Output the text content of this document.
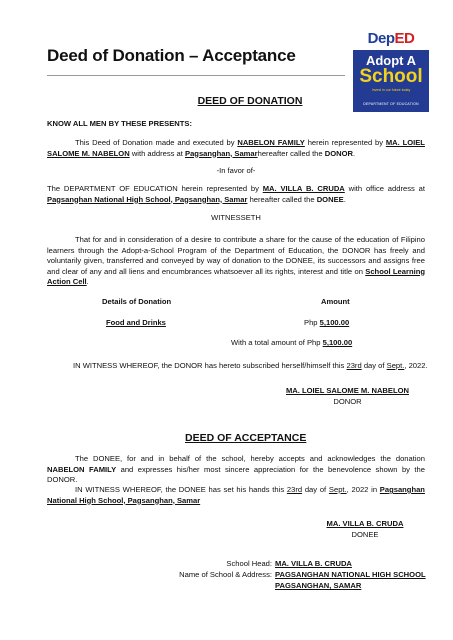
Deed of Donation – Acceptance
DepED
Adopt A
School
Invest in our future today
DEPARTMENT OF EDUCATION
DEED OF DONATION
KNOW ALL MEN BY THESE PRESENTS:
This Deed of Donation made and executed by NABELON FAMILY herein represented by MA. LOIEL SALOME M. NABELON with address at Pagsanghan, Samarhereafter called the DONOR.
-In favor of-
The DEPARTMENT OF EDUCATION herein represented by MA. VILLA B. CRUDA with office address at Pagsanghan National High School, Pagsanghan, Samar hereafter called the DONEE.
WITNESSETH
That for and in consideration of a desire to contribute a share for the cause of the education of Filipino learners through the Adopt-a-School Program of the Department of Education, the DONOR has freely and voluntarily given, transferred and conveyed by way of donation to the DONEE, its successors and assigns free and clear of any and all liens and encumbrances whatsoever all its rights, interest and title on School Learning Action Cell.
Details of Donation	Amount
Food and Drinks	Php 5,100.00
With a total amount of Php 5,100.00
IN WITNESS WHEREOF, the DONOR has hereto subscribed herself/himself this 23rd day of Sept., 2022.
MA. LOIEL SALOME M. NABELON
DONOR
DEED OF ACCEPTANCE
The DONEE, for and in behalf of the school, hereby accepts and acknowledges the donation NABELON FAMILY and expresses his/her most sincere appreciation for the benevolence shown by the DONOR.
IN WITNESS WHEREOF, the DONEE has set his hands this 23rd day of Sept., 2022 in Pagsanghan National High School, Pagsanghan, Samar
MA. VILLA B. CRUDA
DONEE
School Head: MA. VILLA B. CRUDA
Name of School & Address: PAGSANGHAN NATIONAL HIGH SCHOOL
PAGSANGHAN, SAMAR
